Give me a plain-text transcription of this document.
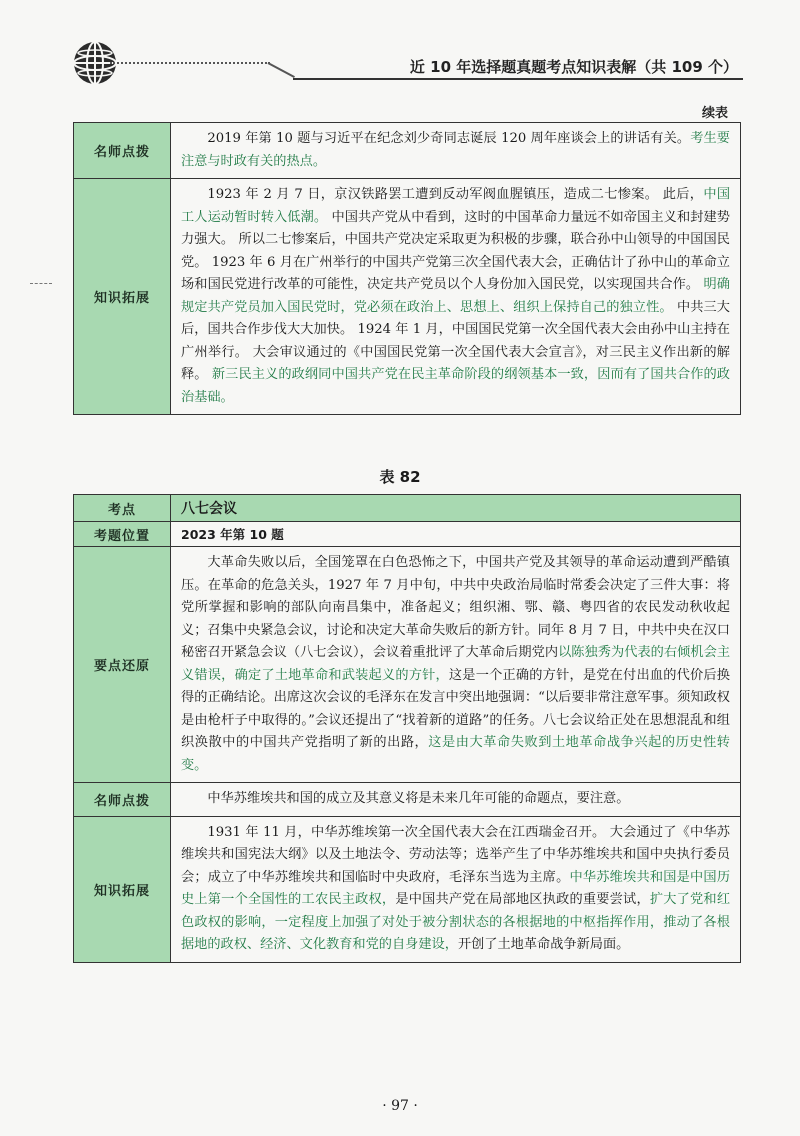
近 10 年选择题真题考点知识表解（共 109 个）
续表
名师点拨	2019 年第 10 题与习近平在纪念刘少奇同志诞辰 120 周年座谈会上的讲话有关。考生要注意与时政有关的热点。

知识拓展	1923 年 2 月 7 日，京汉铁路罢工遭到反动军阀血腥镇压，造成二七惨案。 此后，中国工人运动暂时转入低潮。 中国共产党从中看到，这时的中国革命力量远不如帝国主义和封建势力强大。 所以二七惨案后，中国共产党决定采取更为积极的步骤，联合孙中山领导的中国国民党。 1923 年 6 月在广州举行的中国共产党第三次全国代表大会，正确估计了孙中山的革命立场和国民党进行改革的可能性，决定共产党员以个人身份加入国民党，以实现国共合作。 明确规定共产党员加入国民党时，党必须在政治上、思想上、组织上保持自己的独立性。 中共三大后，国共合作步伐大大加快。 1924 年 1 月，中国国民党第一次全国代表大会由孙中山主持在广州举行。 大会审议通过的《中国国民党第一次全国代表大会宣言》，对三民主义作出新的解释。 新三民主义的政纲同中国共产党在民主革命阶段的纲领基本一致，因而有了国共合作的政治基础。

表 82
考点	八七会议
考题位置	2023 年第 10 题
要点还原	大革命失败以后，全国笼罩在白色恐怖之下，中国共产党及其领导的革命运动遭到严酷镇压。在革命的危急关头，1927 年 7 月中旬，中共中央政治局临时常委会决定了三件大事：将党所掌握和影响的部队向南昌集中，准备起义；组织湘、鄂、赣、粤四省的农民发动秋收起义；召集中央紧急会议，讨论和决定大革命失败后的新方针。同年 8 月 7 日，中共中央在汉口秘密召开紧急会议（八七会议），会议着重批评了大革命后期党内以陈独秀为代表的右倾机会主义错误，确定了土地革命和武装起义的方针，这是一个正确的方针，是党在付出血的代价后换得的正确结论。出席这次会议的毛泽东在发言中突出地强调：“以后要非常注意军事。须知政权是由枪杆子中取得的。”会议还提出了“找着新的道路”的任务。八七会议给正处在思想混乱和组织涣散中的中国共产党指明了新的出路，这是由大革命失败到土地革命战争兴起的历史性转变。

名师点拨	中华苏维埃共和国的成立及其意义将是未来几年可能的命题点，要注意。

知识拓展	1931 年 11 月，中华苏维埃第一次全国代表大会在江西瑞金召开。 大会通过了《中华苏维埃共和国宪法大纲》以及土地法令、劳动法等；选举产生了中华苏维埃共和国中央执行委员会；成立了中华苏维埃共和国临时中央政府，毛泽东当选为主席。中华苏维埃共和国是中国历史上第一个全国性的工农民主政权，是中国共产党在局部地区执政的重要尝试，扩大了党和红色政权的影响，一定程度上加强了对处于被分割状态的各根据地的中枢指挥作用，推动了各根据地的政权、经济、文化教育和党的自身建设，开创了土地革命战争新局面。

· 97 ·
